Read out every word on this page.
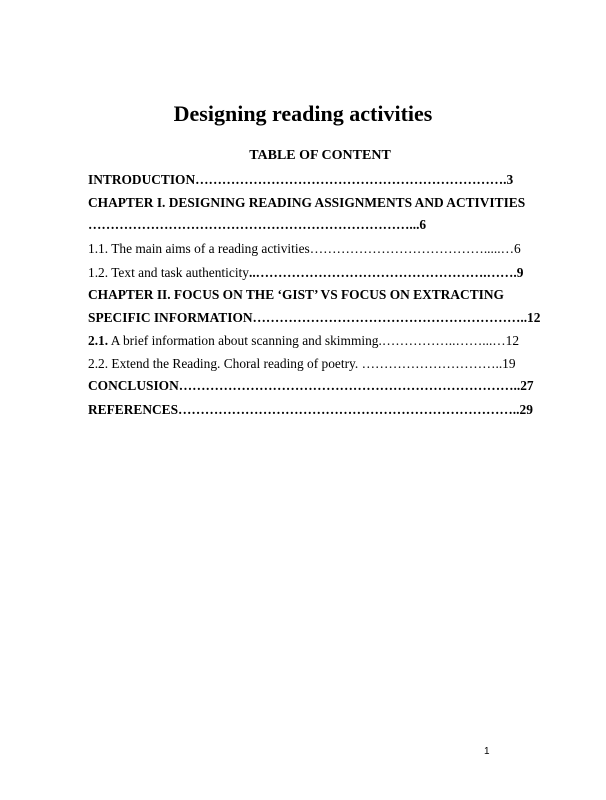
Designing reading activities
TABLE OF CONTENT
INTRODUCTION…………………………………………………………….3
CHAPTER I. DESIGNING READING ASSIGNMENTS AND ACTIVITIES
………………………………………………………………...6
1.1. The main aims of a reading activities………………………………….....…6
1.2. Text and task authenticity..…………………………………………….…….9
CHAPTER II. FOCUS ON THE ‘GIST’ VS FOCUS ON EXTRACTING
SPECIFIC INFORMATION……………………………………………………..12
2.1. A brief information about scanning and skimming.……………..……...…12
2.2. Extend the Reading. Choral reading of poetry. …………………………..19
CONCLUSION…………………………………………………………………..27
REFERENCES…………………………………………………………………..29
1
